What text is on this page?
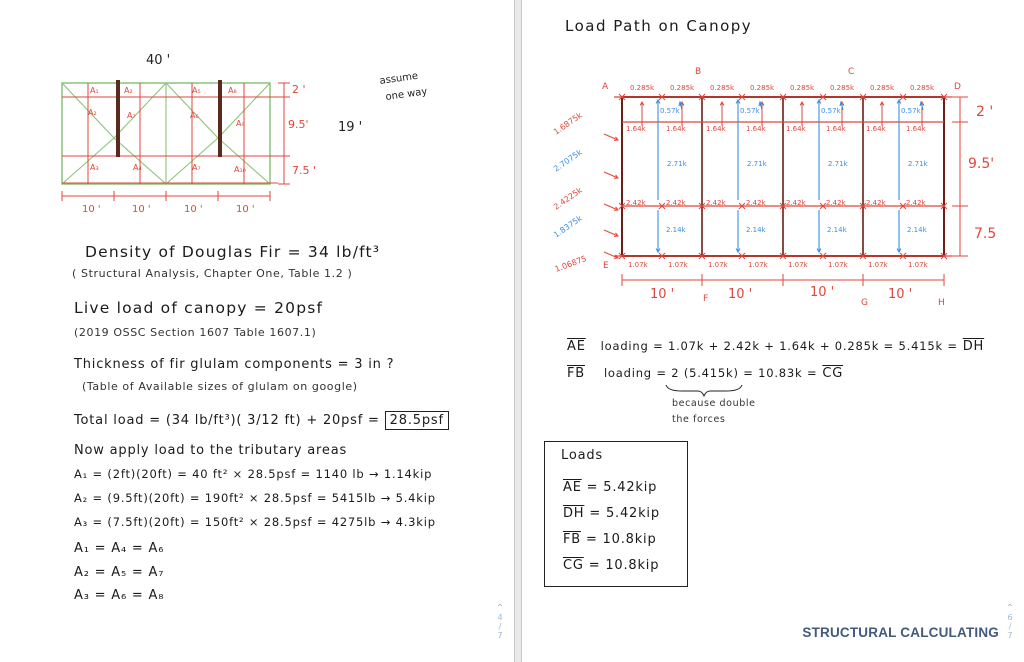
40 '
A₁	A₂	A₅	A₈
A₂	A₇	A₆
A₉
A₃	A₄	A₇	A₁₀
2 '
9.5'
7.5 '
19 '
assume
one way
10 '	10 '	10 '	10 '
Density of Douglas Fir = 34 lb/ft³
( Structural Analysis, Chapter One, Table 1.2 )
Live load of canopy = 20psf
(2019 OSSC Section 1607 Table 1607.1)
Thickness of fir glulam components = 3 in ?
(Table of Available sizes of glulam on google)
Total load = (34 lb/ft³)( 3/12 ft) + 20psf = 28.5psf
Now apply load to the tributary areas
A₁ = (2ft)(20ft) = 40 ft² × 28.5psf = 1140 lb → 1.14kip
A₂ = (9.5ft)(20ft) = 190ft² × 28.5psf = 5415lb → 5.4kip
A₃ = (7.5ft)(20ft) = 150ft² × 28.5psf = 4275lb → 4.3kip
A₁ = A₄ = A₆
A₂ = A₅ = A₇
A₃ = A₆ = A₈
⌃
4
/
7
Load Path on Canopy
0.285k 0.285k 0.285k 0.285k 0.285k 0.285k 0.285k 0.285k
1.64k	1.64k	1.64k	1.64k	1.64k	1.64k	1.64k	1.64k
2.42k	2.42k	2.42k	2.42k	2.42k	2.42k	2.42k	2.42k
1.07k	1.07k	1.07k	1.07k	1.07k	1.07k	1.07k	1.07k
0.57k
2.71k
2.14k
0.57k
2.71k
2.14k
0.57k
2.71k
2.14k
0.57k
2.71k
2.14k
A
B	C
D
E
F	G	H
1.6875k
2.7075k
2.4225k
1.8375k
1.06875
2 '
9.5'
7.5
10 '	10 '	10 '	10 '
$\overline{AE}$ loading = $1.07k + 2.42k + 1.64k + 0.285k = 5.415k = \overline{DH}$
$\overline{FB}$ loading = 2 $(5.415k) = 10.83k = \overline{CG}$
because double
the forces
Loads
$\overline{AE} = 5.42kip$
$\overline{DH} = 5.42kip$
$\overline{FB} = 10.8kip$
$\overline{CG} = 10.8kip$
STRUCTURAL CALCULATING
⌃
6
/
7
